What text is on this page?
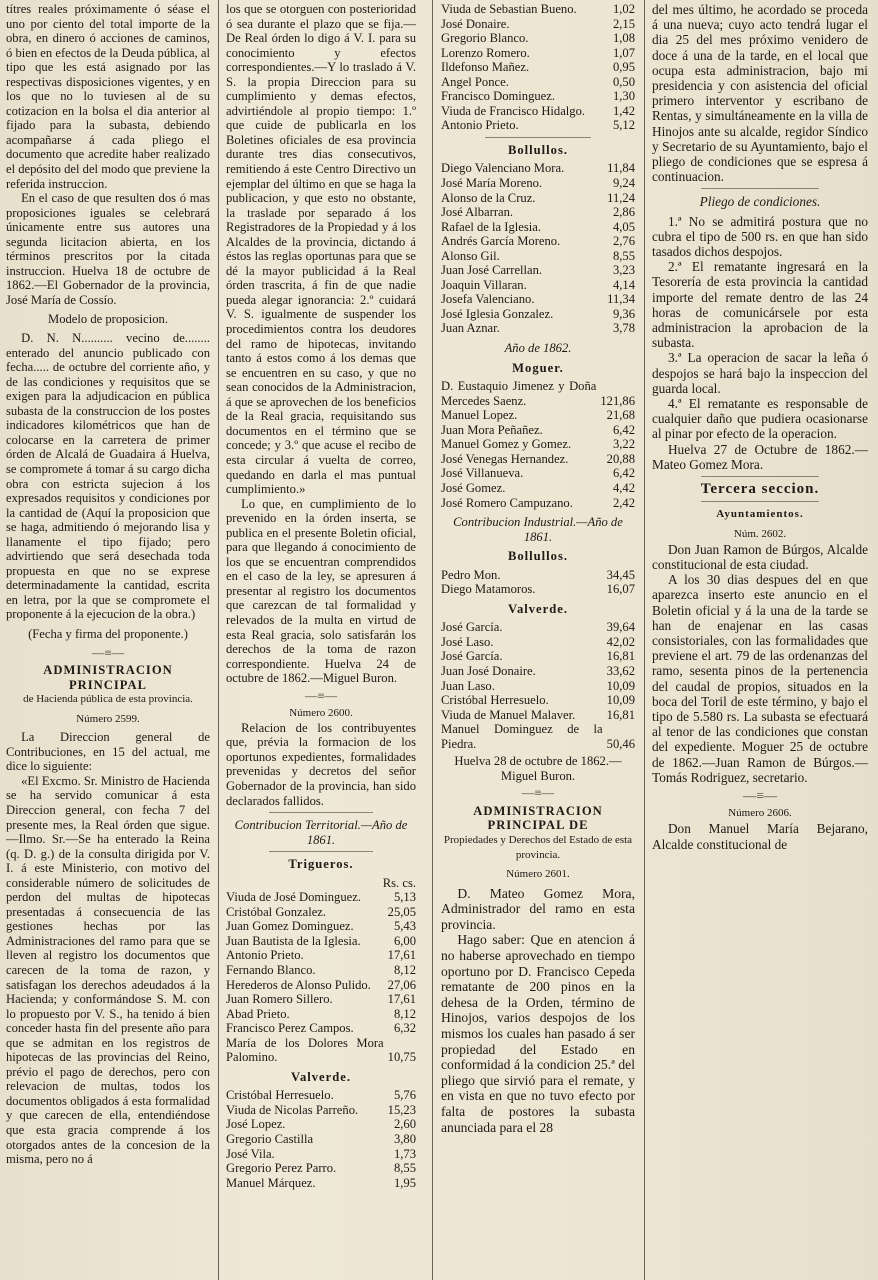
títres reales próximamente ó séase el uno por ciento del total importe de la obra, en dinero ó acciones de caminos, ó bien en efectos de la Deuda pública, al tipo que les está asignado por las respectivas disposiciones vigentes, y en los que no lo tuviesen al de su cotizacion en la bolsa el dia anterior al fijado para la subasta, debiendo acompañarse á cada pliego el documento que acredite haber realizado el depósito del del modo que previene la referida instruccion.

En el caso de que resulten dos ó mas proposiciones iguales se celebrará únicamente entre sus autores una segunda licitacion abierta, en los términos prescritos por la citada instruccion. Huelva 18 de octubre de 1862.—El Gobernador de la provincia, José María de Cossío.

Modelo de proposicion.

D. N. N.......... vecino de........ enterado del anuncio publicado con fecha..... de octubre del corriente año, y de las condiciones y requisitos que se exigen para la adjudicacion en pública subasta de la construccion de los postes indicadores kilométricos que han de colocarse en la carretera de primer órden de Alcalá de Guadaira á Huelva, se compromete á tomar á su cargo dicha obra con estricta sujecion á los expresados requisitos y condiciones por la cantidad de (Aquí la proposicion que se haga, admitiendo ó mejorando lisa y llanamente el tipo fijado; pero advirtiendo que será desechada toda propuesta en que no se exprese determinadamente la cantidad, escrita en letra, por la que se compromete el proponente á la ejecucion de la obra.)

(Fecha y firma del proponente.)
—≡—
ADMINISTRACION PRINCIPAL
de Hacienda pública de esta provincia.
Número 2599.

La Direccion general de Contribuciones, en 15 del actual, me dice lo siguiente:

«El Excmo. Sr. Ministro de Hacienda se ha servido comunicar á esta Direccion general, con fecha 7 del presente mes, la Real órden que sigue.—Ilmo. Sr.—Se ha enterado la Reina (q. D. g.) de la consulta dirigida por V. I. á este Ministerio, con motivo del considerable número de solicitudes de perdon del multas de hipotecas presentadas á consecuencia de las gestiones hechas por las Administraciones del ramo para que se lleven al registro los documentos que carecen de la toma de razon, y satisfagan los derechos adeudados á la Hacienda; y conformándose S. M. con lo propuesto por V. S., ha tenido á bien conceder hasta fin del presente año para que se admitan en los registros de hipotecas de las provincias del Reino, prévio el pago de derechos, pero con relevacion de multas, todos los documentos obligados á esta formalidad y que carecen de ella, entendiéndose que esta gracia comprende á los otorgados antes de la concesion de la misma, pero no á

los que se otorguen con posterioridad ó sea durante el plazo que se fija.—De Real órden lo digo á V. I. para su conocimiento y efectos correspondientes.—Y lo traslado á V. S. la propia Direccion para su cumplimiento y demas efectos, advirtiéndole al propio tiempo: 1.º que cuide de publicarla en los Boletines oficiales de esa provincia durante tres dias consecutivos, remitiendo á este Centro Directivo un ejemplar del último en que se haga la publicacion, y que esto no obstante, la traslade por separado á los Registradores de la Propiedad y á los Alcaldes de la provincia, dictando á éstos las reglas oportunas para que se dé la mayor publicidad á la Real órden trascrita, á fin de que nadie pueda alegar ignorancia: 2.º cuidará V. S. igualmente de suspender los procedimientos contra los deudores del ramo de hipotecas, invitando tanto á estos como á los demas que se encuentren en su caso, y que no sean conocidos de la Administracion, á que se aprovechen de los beneficios de la Real gracia, requisitando sus documentos en el término que se concede; y 3.º que acuse el recibo de esta circular á vuelta de correo, quedando en darla el mas puntual cumplimiento.»

Lo que, en cumplimiento de lo prevenido en la órden inserta, se publica en el presente Boletin oficial, para que llegando á conocimiento de los que se encuentran comprendidos en el caso de la ley, se apresuren á presentar al registro los documentos que carezcan de tal formalidad y relevados de la multa en virtud de esta Real gracia, solo satisfarán los derechos de la toma de razon correspondiente. Huelva 24 de octubre de 1862.—Miguel Buron.

—≡—
Número 2600.

Relacion de los contribuyentes que, prévia la formacion de los oportunos expedientes, formalidades prevenidas y decretos del señor Gobernador de la provincia, han sido declarados fallidos.

Contribucion Territorial.—Año de 1861.
Trigueros.
Rs. cs.
Viuda de José Dominguez.	5,13
Cristóbal Gonzalez.	25,05
Juan Gomez Dominguez.	5,43
Juan Bautista de la Iglesia.	6,00
Antonio Prieto.	17,61
Fernando Blanco.	8,12
Herederos de Alonso Pulido.	27,06
Juan Romero Sillero.	17,61
Abad Prieto.	8,12
Francisco Perez Campos.	6,32
María de los Dolores Mora Palomino.	10,75
Valverde.
Cristóbal Herresuelo.	5,76
Viuda de Nicolas Parreño.	15,23
José Lopez.	2,60
Gregorio Castilla	3,80
José Vila.	1,73
Gregorio Perez Parro.	8,55
Manuel Márquez.	1,95
Viuda de Sebastian Bueno.	1,02
José Donaire.	2,15
Gregorio Blanco.	1,08
Lorenzo Romero.	1,07
Ildefonso Mañez.	0,95
Angel Ponce.	0,50
Francisco Dominguez.	1,30
Viuda de Francisco Hidalgo.	1,42
Antonio Prieto.	5,12
Bollullos.
Diego Valenciano Mora.	11,84
José María Moreno.	9,24
Alonso de la Cruz.	11,24
José Albarran.	2,86
Rafael de la Iglesia.	4,05
Andrés García Moreno.	2,76
Alonso Gil.	8,55
Juan José Carrellan.	3,23
Joaquin Villaran.	4,14
Josefa Valenciano.	11,34
José Iglesia Gonzalez.	9,36
Juan Aznar.	3,78
Año de 1862.
Moguer.
D. Eustaquio Jimenez y Doña Mercedes Saenz.	121,86
Manuel Lopez.	21,68
Juan Mora Peñañez.	6,42
Manuel Gomez y Gomez.	3,22
José Venegas Hernandez.	20,88
José Villanueva.	6,42
José Gomez.	4,42
José Romero Campuzano.	2,42
Contribucion Industrial.—Año de 1861.
Bollullos.
Pedro Mon.	34,45
Diego Matamoros.	16,07
Valverde.
José García.	39,64
José Laso.	42,02
José García.	16,81
Juan José Donaire.	33,62
Juan Laso.	10,09
Cristóbal Herresuelo.	10,09
Viuda de Manuel Malaver.	16,81
Manuel Dominguez de la Piedra.	50,46
Huelva 28 de octubre de 1862.—Miguel Buron.
—≡—
ADMINISTRACION PRINCIPAL DE
Propiedades y Derechos del Estado de esta provincia.
Número 2601.

D. Mateo Gomez Mora, Administrador del ramo en esta provincia.

Hago saber: Que en atencion á no haberse aprovechado en tiempo oportuno por D. Francisco Cepeda rematante de 200 pinos en la dehesa de la Orden, término de Hinojos, varios despojos de los mismos los cuales han pasado á ser propiedad del Estado en conformidad á la condicion 25.ª del pliego que sirvió para el remate, y en vista en que no tuvo efecto por falta de postores la subasta anunciada para el 28

del mes último, he acordado se proceda á una nueva; cuyo acto tendrá lugar el dia 25 del mes próximo venidero de doce á una de la tarde, en el local que ocupa esta administracion, bajo mi presidencia y con asistencia del oficial primero interventor y escribano de Rentas, y simultáneamente en la villa de Hinojos ante su alcalde, regidor Síndico y Secretario de su Ayuntamiento, bajo el pliego de condiciones que se espresa á continuacion.

Pliego de condiciones.

1.ª No se admitirá postura que no cubra el tipo de 500 rs. en que han sido tasados dichos despojos.

2.ª El rematante ingresará en la Tesorería de esta provincia la cantidad importe del remate dentro de las 24 horas de comunicársele por esta administracion la aprobacion de la subasta.

3.ª La operacion de sacar la leña ó despojos se hará bajo la inspeccion del guarda local.

4.ª El rematante es responsable de cualquier daño que pudiera ocasionarse al pinar por efecto de la operacion.

Huelva 27 de Octubre de 1862.—Mateo Gomez Mora.

Tercera seccion.
Ayuntamientos.
Núm. 2602.

Don Juan Ramon de Búrgos, Alcalde constitucional de esta ciudad.

A los 30 dias despues del en que aparezca inserto este anuncio en el Boletin oficial y á la una de la tarde se han de enajenar en las casas consistoriales, con las formalidades que previene el art. 79 de las ordenanzas del ramo, sesenta pinos de la pertenencia del caudal de propios, situados en la boca del Toril de este término, y bajo el tipo de 5.580 rs. La subasta se efectuará al tenor de las condiciones que constan del expediente. Moguer 25 de octubre de 1862.—Juan Ramon de Búrgos.—Tomás Rodriguez, secretario.

—≡—
Número 2606.

Don Manuel María Bejarano, Alcalde constitucional de
